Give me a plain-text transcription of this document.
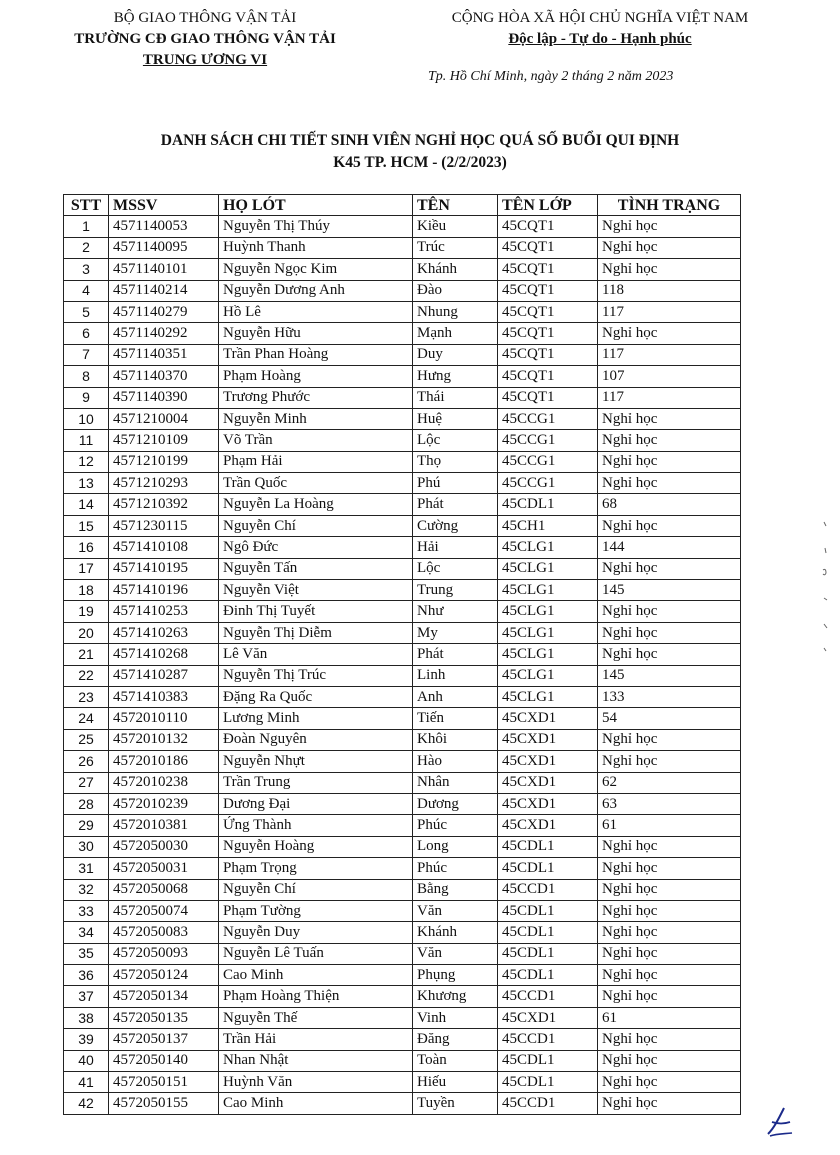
BỘ GIAO THÔNG VẬN TẢI
TRƯỜNG CĐ GIAO THÔNG VẬN TẢI
TRUNG ƯƠNG VI
CỘNG HÒA XÃ HỘI CHỦ NGHĨA VIỆT NAM
Độc lập - Tự do - Hạnh phúc
Tp. Hồ Chí Minh, ngày 2 tháng 2 năm 2023
DANH SÁCH CHI TIẾT SINH VIÊN NGHỈ HỌC QUÁ SỐ BUỔI QUI ĐỊNH
K45 TP. HCM - (2/2/2023)
STT	MSSV	HỌ LÓT	TÊN	TÊN LỚP	TÌNH TRẠNG
1	4571140053	Nguyễn Thị Thúy	Kiều	45CQT1	Nghỉ học
2	4571140095	Huỳnh Thanh	Trúc	45CQT1	Nghỉ học
3	4571140101	Nguyễn Ngọc Kim	Khánh	45CQT1	Nghỉ học
4	4571140214	Nguyễn Dương Anh	Đào	45CQT1	118
5	4571140279	Hồ Lê	Nhung	45CQT1	117
6	4571140292	Nguyễn Hữu	Mạnh	45CQT1	Nghỉ học
7	4571140351	Trần Phan Hoàng	Duy	45CQT1	117
8	4571140370	Phạm Hoàng	Hưng	45CQT1	107
9	4571140390	Trương Phước	Thái	45CQT1	117
10	4571210004	Nguyễn Minh	Huệ	45CCG1	Nghỉ học
11	4571210109	Võ Trần	Lộc	45CCG1	Nghỉ học
12	4571210199	Phạm Hải	Thọ	45CCG1	Nghỉ học
13	4571210293	Trần Quốc	Phú	45CCG1	Nghỉ học
14	4571210392	Nguyễn La Hoàng	Phát	45CDL1	68
15	4571230115	Nguyễn Chí	Cường	45CH1	Nghỉ học
16	4571410108	Ngô Đức	Hải	45CLG1	144
17	4571410195	Nguyễn Tấn	Lộc	45CLG1	Nghỉ học
18	4571410196	Nguyễn Việt	Trung	45CLG1	145
19	4571410253	Đinh Thị Tuyết	Như	45CLG1	Nghỉ học
20	4571410263	Nguyễn Thị Diễm	My	45CLG1	Nghỉ học
21	4571410268	Lê Văn	Phát	45CLG1	Nghỉ học
22	4571410287	Nguyễn Thị Trúc	Linh	45CLG1	145
23	4571410383	Đặng Ra Quốc	Anh	45CLG1	133
24	4572010110	Lương Minh	Tiến	45CXD1	54
25	4572010132	Đoàn Nguyên	Khôi	45CXD1	Nghỉ học
26	4572010186	Nguyễn Nhựt	Hào	45CXD1	Nghỉ học
27	4572010238	Trần Trung	Nhân	45CXD1	62
28	4572010239	Dương Đại	Dương	45CXD1	63
29	4572010381	Ứng Thành	Phúc	45CXD1	61
30	4572050030	Nguyễn Hoàng	Long	45CDL1	Nghỉ học
31	4572050031	Phạm Trọng	Phúc	45CDL1	Nghỉ học
32	4572050068	Nguyễn Chí	Bằng	45CCD1	Nghỉ học
33	4572050074	Phạm Tường	Văn	45CDL1	Nghỉ học
34	4572050083	Nguyễn Duy	Khánh	45CDL1	Nghỉ học
35	4572050093	Nguyễn Lê Tuấn	Văn	45CDL1	Nghỉ học
36	4572050124	Cao Minh	Phụng	45CDL1	Nghỉ học
37	4572050134	Phạm Hoàng Thiện	Khương	45CCD1	Nghỉ học
38	4572050135	Nguyễn Thế	Vinh	45CXD1	61
39	4572050137	Trần Hải	Đăng	45CCD1	Nghỉ học
40	4572050140	Nhan Nhật	Toàn	45CDL1	Nghỉ học
41	4572050151	Huỳnh Văn	Hiếu	45CDL1	Nghỉ học
42	4572050155	Cao Minh	Tuyền	45CCD1	Nghỉ học
